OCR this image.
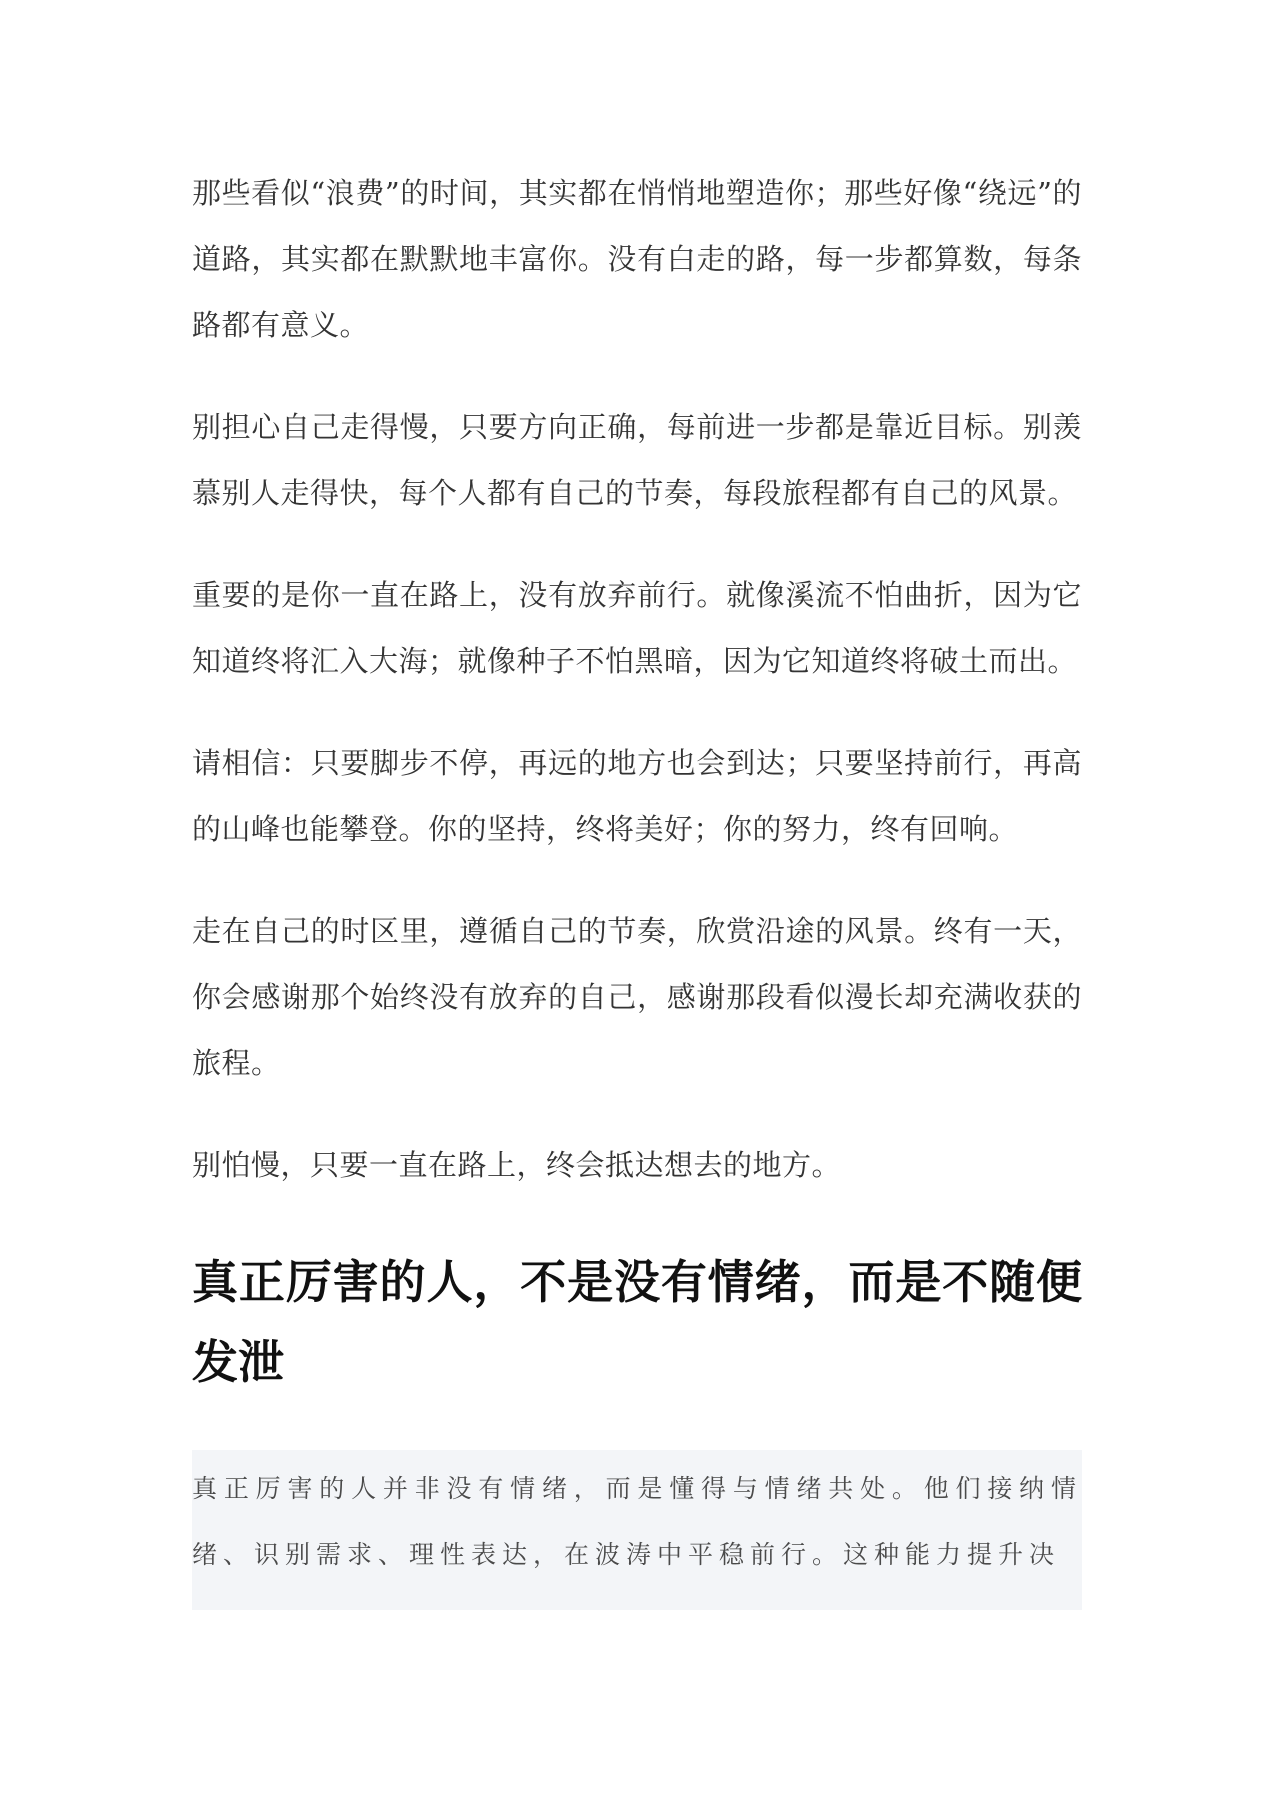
那些看似“浪费”的时间，其实都在悄悄地塑造你；那些好像“绕远”的道路，其实都在默默地丰富你。没有白走的路，每一步都算数，每条路都有意义。

别担心自己走得慢，只要方向正确，每前进一步都是靠近目标。别羡慕别人走得快，每个人都有自己的节奏，每段旅程都有自己的风景。

重要的是你一直在路上，没有放弃前行。就像溪流不怕曲折，因为它知道终将汇入大海；就像种子不怕黑暗，因为它知道终将破土而出。

请相信：只要脚步不停，再远的地方也会到达；只要坚持前行，再高的山峰也能攀登。你的坚持，终将美好；你的努力，终有回响。

走在自己的时区里，遵循自己的节奏，欣赏沿途的风景。终有一天，你会感谢那个始终没有放弃的自己，感谢那段看似漫长却充满收获的旅程。

别怕慢，只要一直在路上，终会抵达想去的地方。

真正厉害的人，不是没有情绪，而是不随便发泄

真正厉害的人并非没有情绪，而是懂得与情绪共处。他们接纳情绪、识别需求、理性表达，在波涛中平稳前行。这种能力提升决
